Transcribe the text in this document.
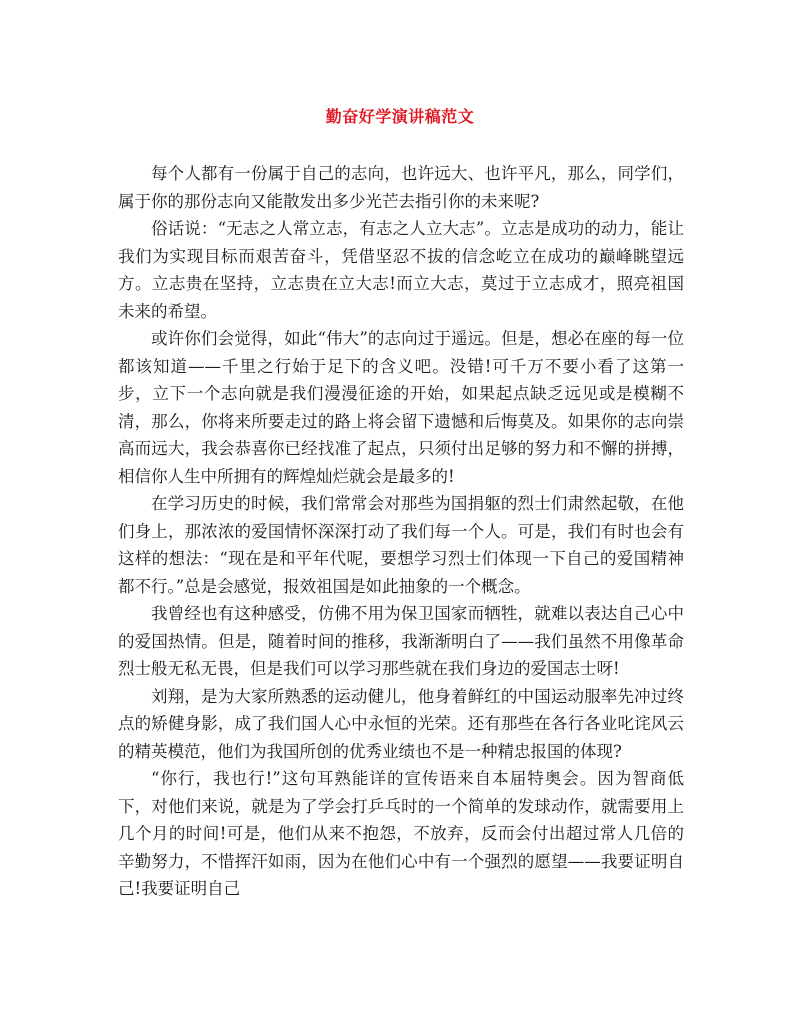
勤奋好学演讲稿范文

每个人都有一份属于自己的志向，也许远大、也许平凡，那么，同学们，属于你的那份志向又能散发出多少光芒去指引你的未来呢?

俗话说：“无志之人常立志，有志之人立大志”。立志是成功的动力，能让我们为实现目标而艰苦奋斗，凭借坚忍不拔的信念屹立在成功的巅峰眺望远方。立志贵在坚持，立志贵在立大志!而立大志，莫过于立志成才，照亮祖国未来的希望。

或许你们会觉得，如此“伟大”的志向过于遥远。但是，想必在座的每一位都该知道——千里之行始于足下的含义吧。没错!可千万不要小看了这第一步，立下一个志向就是我们漫漫征途的开始，如果起点缺乏远见或是模糊不清，那么，你将来所要走过的路上将会留下遗憾和后悔莫及。如果你的志向崇高而远大，我会恭喜你已经找准了起点，只须付出足够的努力和不懈的拼搏，相信你人生中所拥有的辉煌灿烂就会是最多的!

在学习历史的时候，我们常常会对那些为国捐躯的烈士们肃然起敬，在他们身上，那浓浓的爱国情怀深深打动了我们每一个人。可是，我们有时也会有这样的想法：“现在是和平年代呢，要想学习烈士们体现一下自己的爱国精神都不行。”总是会感觉，报效祖国是如此抽象的一个概念。

我曾经也有这种感受，仿佛不用为保卫国家而牺牲，就难以表达自己心中的爱国热情。但是，随着时间的推移，我渐渐明白了——我们虽然不用像革命烈士般无私无畏，但是我们可以学习那些就在我们身边的爱国志士呀!

刘翔，是为大家所熟悉的运动健儿，他身着鲜红的中国运动服率先冲过终点的矫健身影，成了我们国人心中永恒的光荣。还有那些在各行各业叱诧风云的精英模范，他们为我国所创的优秀业绩也不是一种精忠报国的体现?

“你行，我也行!”这句耳熟能详的宣传语来自本届特奥会。因为智商低下，对他们来说，就是为了学会打乒乓时的一个简单的发球动作，就需要用上几个月的时间!可是，他们从来不抱怨，不放弃，反而会付出超过常人几倍的辛勤努力，不惜挥汗如雨，因为在他们心中有一个强烈的愿望——我要证明自己!我要证明自己
